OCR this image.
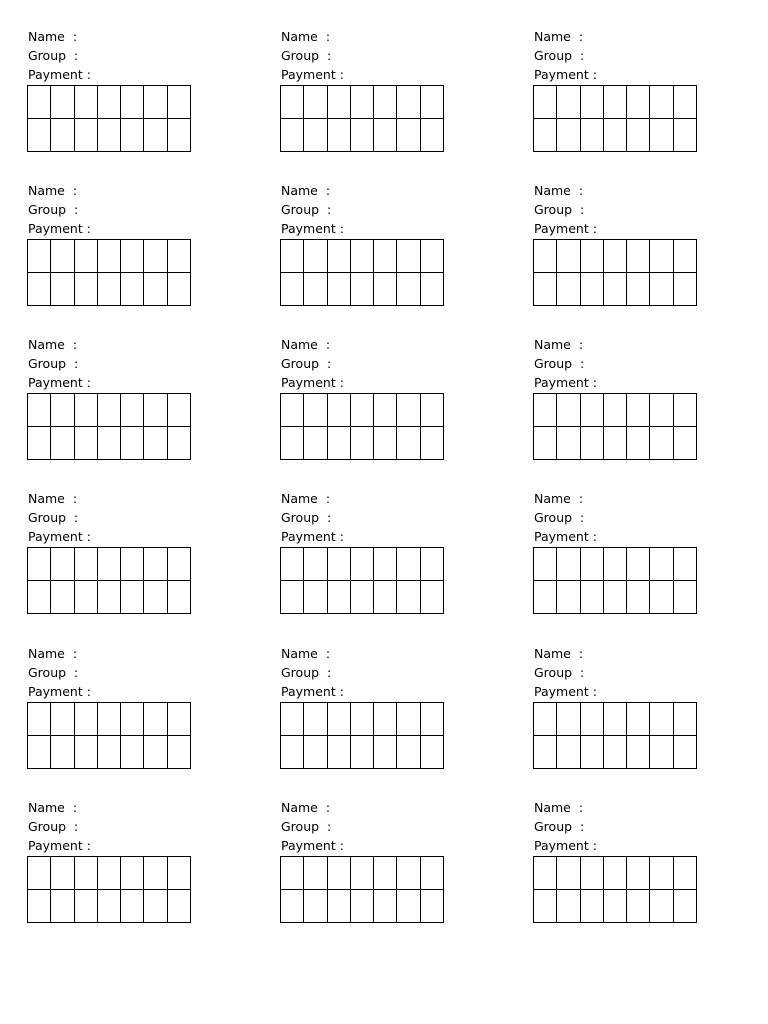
Name  :
Group  :
Payment :

Name  :
Group  :
Payment :

Name  :
Group  :
Payment :

Name  :
Group  :
Payment :

Name  :
Group  :
Payment :

Name  :
Group  :
Payment :

Name  :
Group  :
Payment :

Name  :
Group  :
Payment :

Name  :
Group  :
Payment :

Name  :
Group  :
Payment :

Name  :
Group  :
Payment :

Name  :
Group  :
Payment :

Name  :
Group  :
Payment :

Name  :
Group  :
Payment :

Name  :
Group  :
Payment :

Name  :
Group  :
Payment :

Name  :
Group  :
Payment :

Name  :
Group  :
Payment :
